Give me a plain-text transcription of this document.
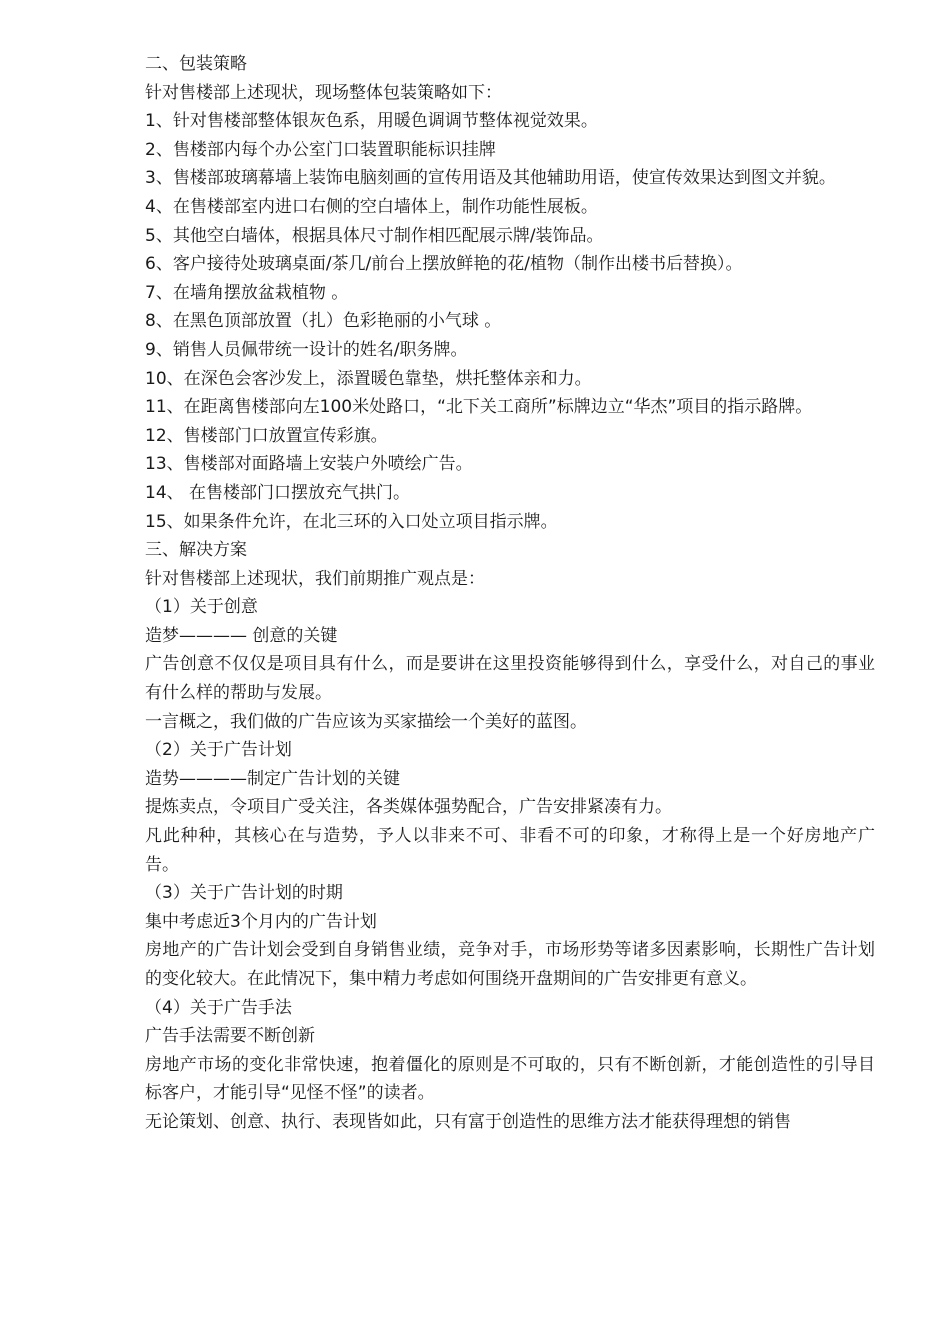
二、包装策略

针对售楼部上述现状，现场整体包装策略如下：

1、针对售楼部整体银灰色系，用暖色调调节整体视觉效果。

2、售楼部内每个办公室门口装置职能标识挂牌

3、售楼部玻璃幕墙上装饰电脑刻画的宣传用语及其他辅助用语，使宣传效果达到图文并貌。

4、在售楼部室内进口右侧的空白墙体上，制作功能性展板。

5、其他空白墙体，根据具体尺寸制作相匹配展示牌/装饰品。

6、客户接待处玻璃桌面/茶几/前台上摆放鲜艳的花/植物（制作出楼书后替换）。

7、在墙角摆放盆栽植物 。

8、在黑色顶部放置（扎）色彩艳丽的小气球 。

9、销售人员佩带统一设计的姓名/职务牌。

10、在深色会客沙发上，添置暖色靠垫，烘托整体亲和力。

11、在距离售楼部向左100米处路口，“北下关工商所”标牌边立“华杰”项目的指示路牌。

12、售楼部门口放置宣传彩旗。

13、售楼部对面路墙上安装户外喷绘广告。

14、 在售楼部门口摆放充气拱门。

15、如果条件允许，在北三环的入口处立项目指示牌。

三、解决方案

针对售楼部上述现状，我们前期推广观点是：

（1）关于创意

造梦———— 创意的关键

广告创意不仅仅是项目具有什么，而是要讲在这里投资能够得到什么，享受什么，对自己的事业有什么样的帮助与发展。

一言概之，我们做的广告应该为买家描绘一个美好的蓝图。

（2）关于广告计划

造势————制定广告计划的关键

提炼卖点，令项目广受关注，各类媒体强势配合，广告安排紧凑有力。

凡此种种，其核心在与造势，予人以非来不可、非看不可的印象，才称得上是一个好房地产广告。

（3）关于广告计划的时期

集中考虑近3个月内的广告计划

房地产的广告计划会受到自身销售业绩，竞争对手，市场形势等诸多因素影响，长期性广告计划的变化较大。在此情况下，集中精力考虑如何围绕开盘期间的广告安排更有意义。

（4）关于广告手法

广告手法需要不断创新

房地产市场的变化非常快速，抱着僵化的原则是不可取的，只有不断创新，才能创造性的引导目标客户，才能引导“见怪不怪”的读者。

无论策划、创意、执行、表现皆如此，只有富于创造性的思维方法才能获得理想的销售
